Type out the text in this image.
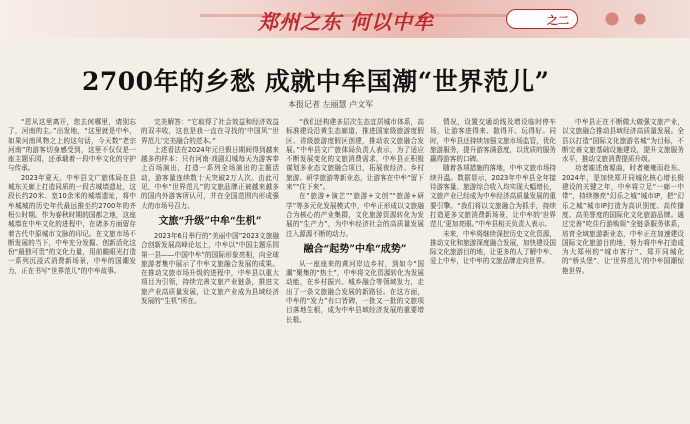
郑州之东 何以中牟	之二
2700年的乡愁 成就中牟国潮“世界范儿”
本报记者 左丽慧 卢文军

“恩从这里离开，您去何哪里，请别忘了，河南的主。”出发地，“这里就是中牟，如果河南风物之上的这句话，今天数“老宗河南”的游客切身感受到，这里不仅仅是一座主题乐园，还承载着一段中牟文化的守护与传承。

2023年夏天，中牟县文广旅体局在县城东关廊上打造同质的一段古城墙遗址，这段长约20米、宽10余米的城墙遗址，将中牟城城的历史年代最远推至约2700年的齐桓公时期。作为春秋时期的国都之地，这座城墙在中牟文化的进程中，在诸多方面留存着古代中原城市文脉的印记。在文旅市场不断发展的当下，中牟充分发掘、创新活化这份“最独可贵”的文化力量，用前瞻眼光打造一系列沉浸式消费新场景，中牟的国潮发力，正在书写“世界范儿”的中牟故事。

完美解答：“它取得了社会效益和经济效益的双丰收，这也是我一直在寻找的‘中国风’‘世界范儿’完美融合的范本。”

上述看法在2024年元旦假日期间得到越来越多的样本：只有河南·戏剧幻城每天为游客奉上百场演出，打造一系列全场演出的主题活动，游客量连续数十天突破2万人次。由此可见，中牟“世界范儿”的文旅品牌正被越来越多的国内外游客所认可，并在全国范围内形成强大的市场号召力。

文旅“升级”中牟“生机”

2023年6月举行的“美丽中国”2023文旅融合创新发展高峰论坛上，中牟以“中国主题乐园第一县——中国中牟”的国际形象亮相，向全球旅游者集中展示了中牟文旅融合发展的成果。在推动文旅市场升级的进程中，中牟县以重大项目为引领，持续完善文旅产业链条，推进文旅产业高质量发展，让文旅产业成为县域经济发展的“生机”所在。

“我们还构建多层次生态宜居城市体系，高标准建设沿黄生态廊道，推进国家级旅游度假区、省级旅游度假区创建，推动农文旅融合发展。”中牟县文广旅体局负责人表示，为了适应不断发展变化的文旅消费需求，中牟县正积极谋划多业态文旅融合项目，拓展夜经济、乡村旅游、研学旅游等新业态，让游客在中牟“留下来”“住下来”。

在“旅游+演艺”“旅游+文创”“旅游+研学”等多元化发展模式中，中牟正形成以文旅融合为核心的产业集群，文化旅游资源转化为发展的“生产力”，为中牟经济社会的高质量发展注入源源不断的动力。

融合“起势”中牟“成势”

从一座座来的黄河岸边乡村，到如今“国潮”聚集的“热土”，中牟将文化资源转化为发展动能，在乡村振兴、城乡融合等领域发力，走出了一条文旅融合发展的新路径。在这方面，中牟的“发力”有口皆碑，一批又一批的文旅项目落地生根，成为中牟县域经济发展的重要增长极。

情况，设置交通动线及增设临时停车场，让游客进得来、散得开、玩得好。同时，中牟县还持续加强文旅市场监管，优化旅游服务，提升游客满意度，以优质的服务赢得游客的口碑。

随着各项措施的落地，中牟文旅市场持续升温。数据显示，2023年中牟县全年接待游客量、旅游综合收入均实现大幅增长，文旅产业已经成为中牟经济高质量发展的重要引擎。“我们将以文旅融合为抓手，持续打造更多文旅消费新场景，让中牟的‘世界范儿’更加亮眼。”中牟县相关负责人表示。

未来，中牟将继续深挖历史文化资源，推动文化和旅游深度融合发展，加快建设国际文化旅游目的地，让更多的人了解中牟、爱上中牟，让中牟的文旅品牌走向世界。

中牟县正在不断做大做强文旅产业，以文旅融合推动县域经济高质量发展。全县以打造“国际文化旅游名城”为目标，不断完善文旅基础设施建设，提升文旅服务水平，推动文旅消费提质升级。

功者雇述南塬曲，时者雍雍而赴东。2024年，是加快郑开同城化核心增长极建设的关键之年，中牟将立足“一廊一中带”，持续擦亮“幻乐之城”城市IP，把“幻乐之城”城市IP打造为高识别度、高传播度、高美誉度的国际化文化旅游品牌。通过完善“吃住行游购娱”全链条服务体系，培育全域旅游新业态，中牟正在加速建设国际文化旅游目的地，努力将中牟打造成为大郑州的“城市客厅”、郑开同城化的“桥头堡”，让‘世界范儿’的中牟国潮惊艳世界。
